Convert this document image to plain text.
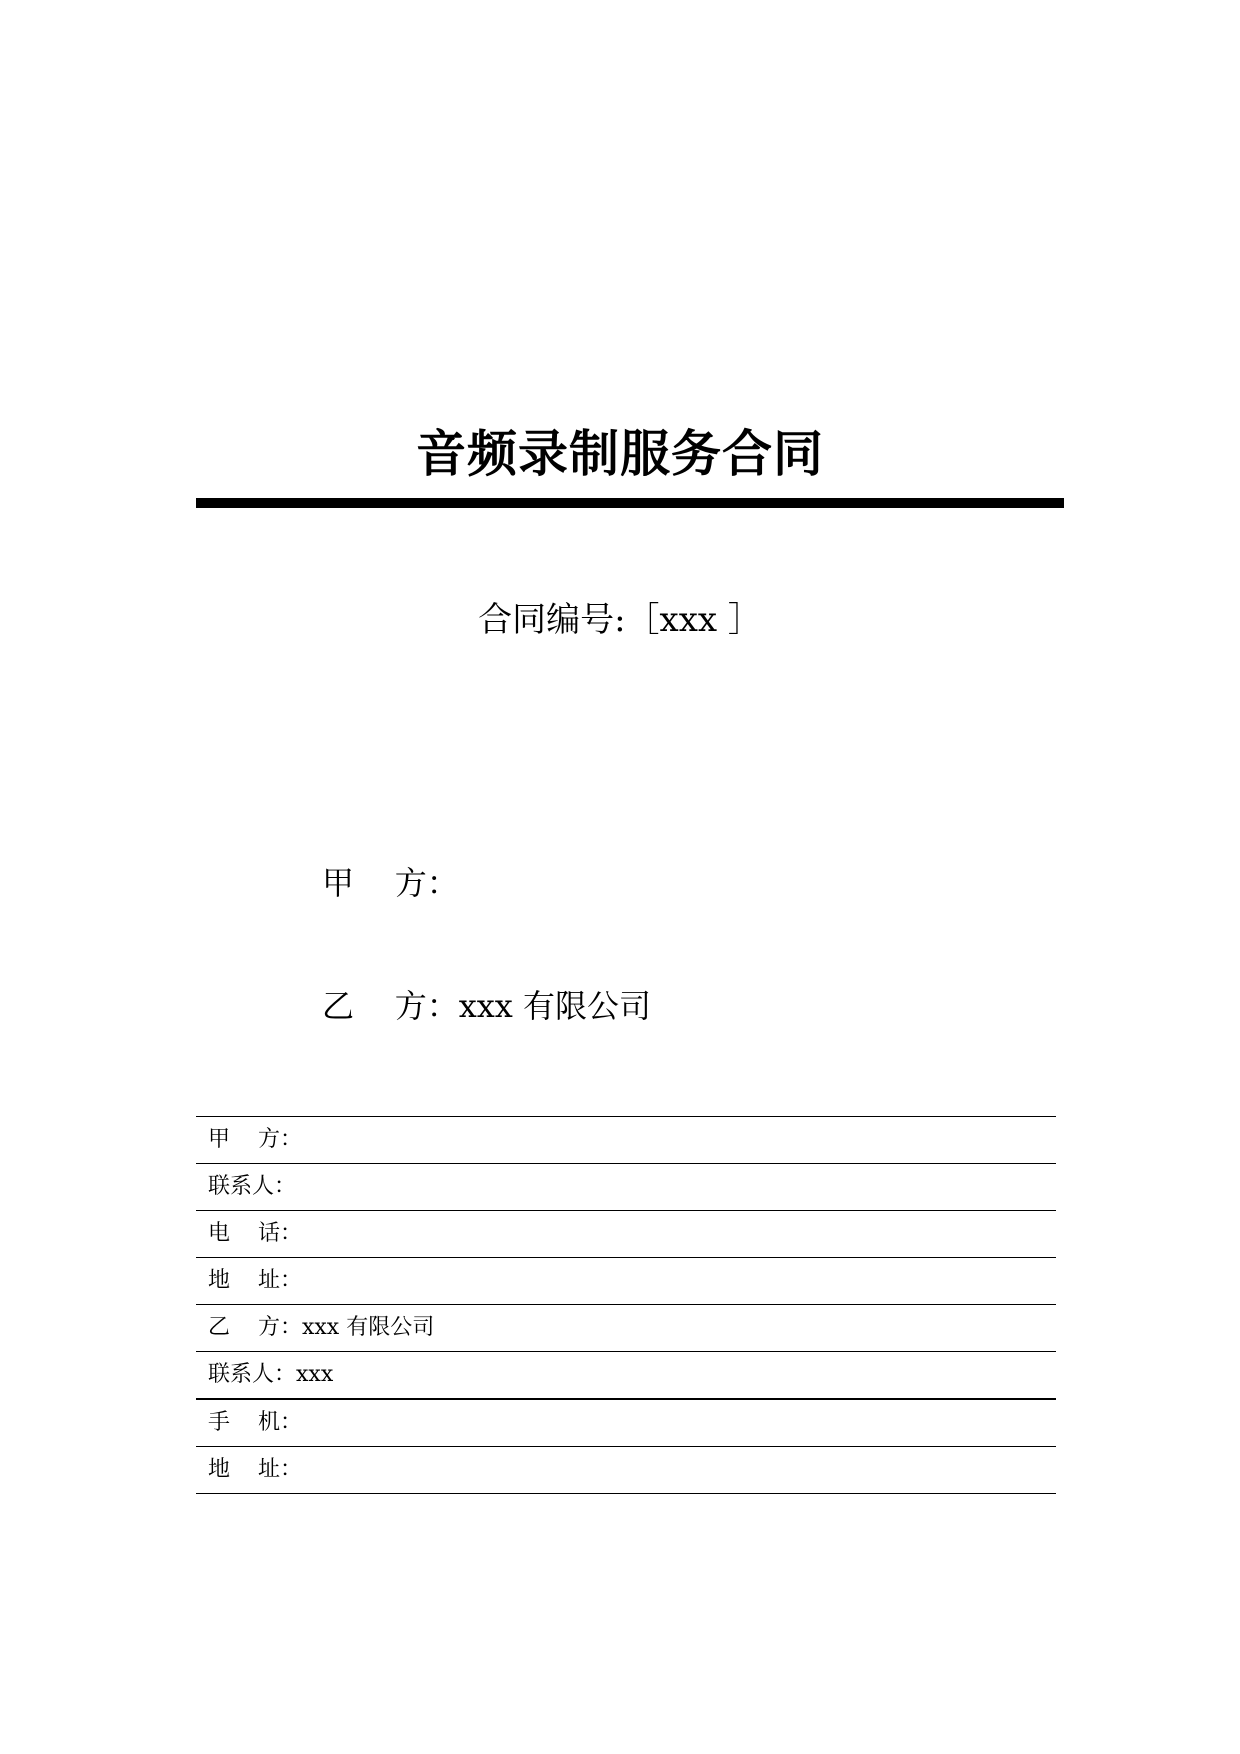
音频录制服务合同
合同编号:［xxx ］
甲    方：
乙    方：xxx 有限公司
甲    方：
联系人：
电    话：
地    址：
乙    方：xxx 有限公司
联系人：xxx
手    机：
地    址：
